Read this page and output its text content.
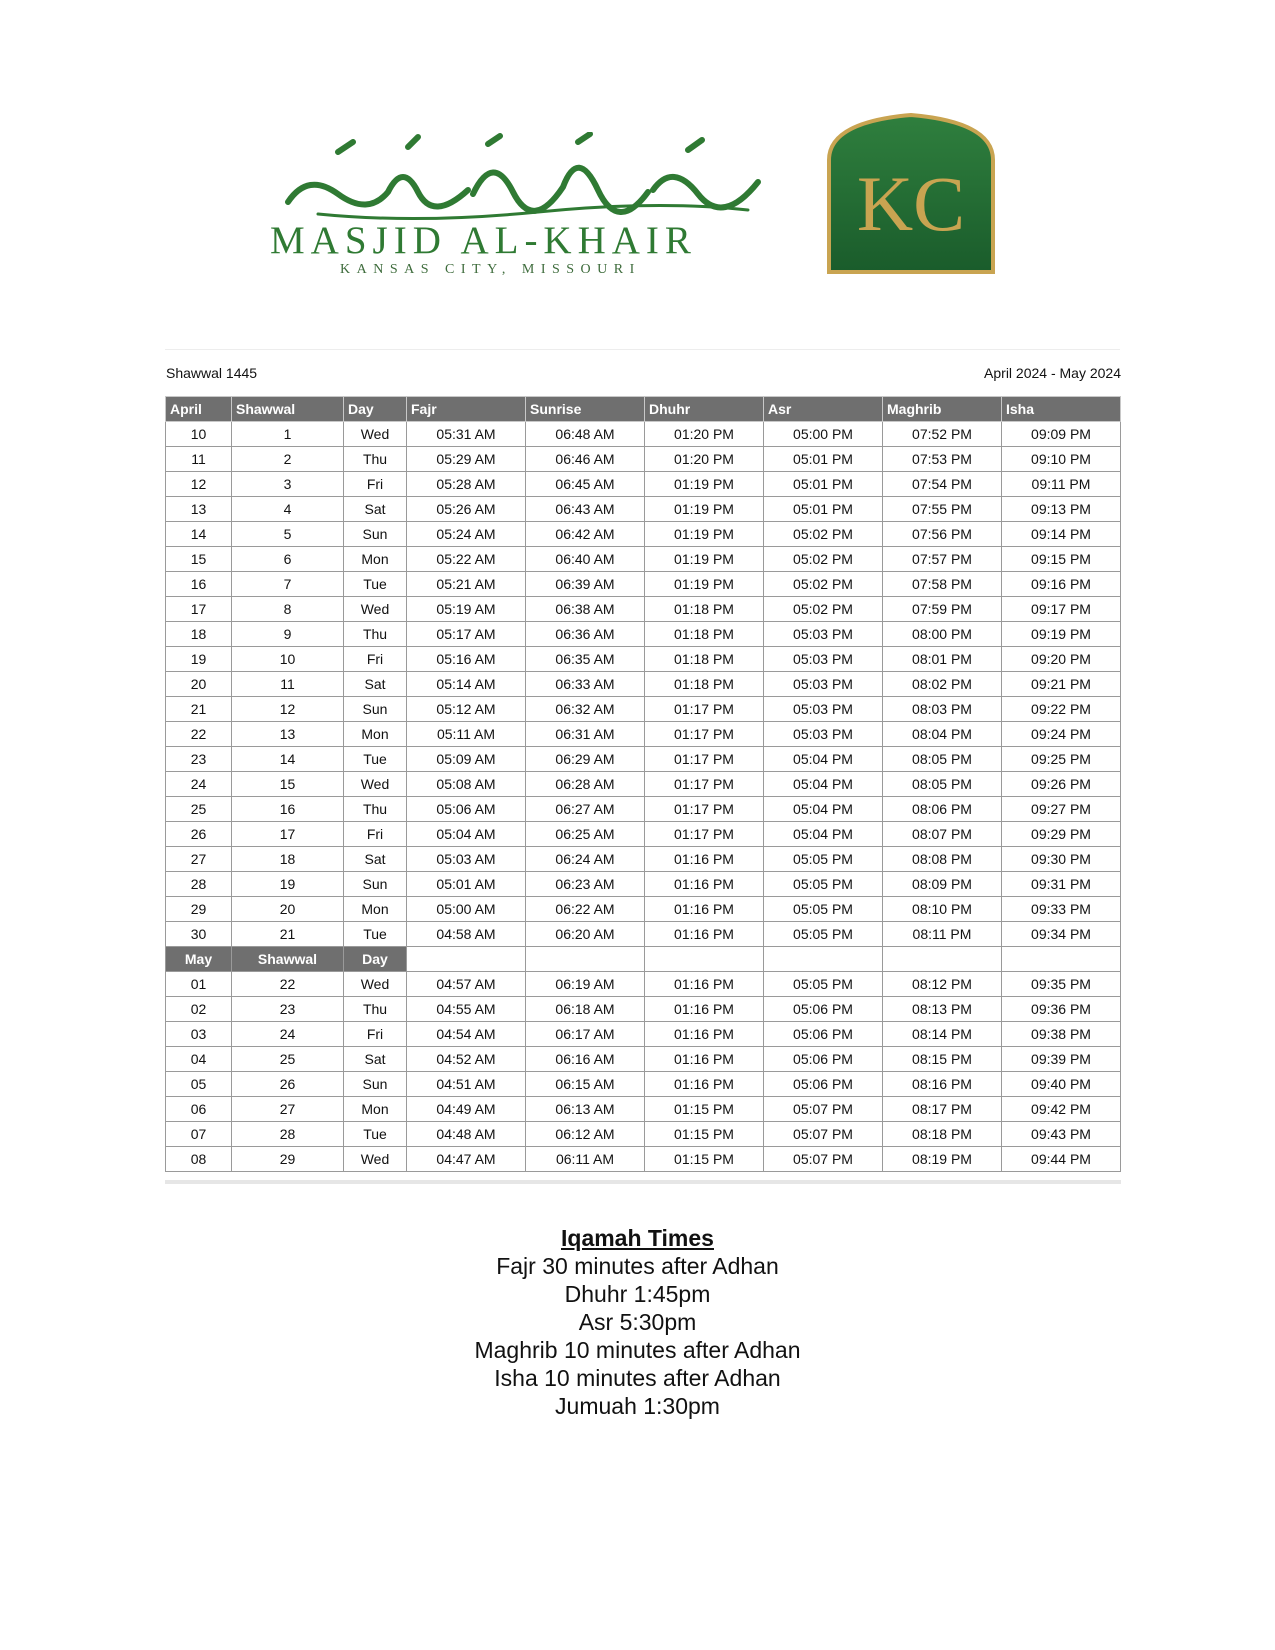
MASJID AL-KHAIR
KANSAS CITY, MISSOURI
KC
Shawwal 1445	April 2024 - May 2024
April	Shawwal	Day	Fajr	Sunrise	Dhuhr	Asr	Maghrib	Isha
10	1	Wed	05:31 AM	06:48 AM	01:20 PM	05:00 PM	07:52 PM	09:09 PM
11	2	Thu	05:29 AM	06:46 AM	01:20 PM	05:01 PM	07:53 PM	09:10 PM
12	3	Fri	05:28 AM	06:45 AM	01:19 PM	05:01 PM	07:54 PM	09:11 PM
13	4	Sat	05:26 AM	06:43 AM	01:19 PM	05:01 PM	07:55 PM	09:13 PM
14	5	Sun	05:24 AM	06:42 AM	01:19 PM	05:02 PM	07:56 PM	09:14 PM
15	6	Mon	05:22 AM	06:40 AM	01:19 PM	05:02 PM	07:57 PM	09:15 PM
16	7	Tue	05:21 AM	06:39 AM	01:19 PM	05:02 PM	07:58 PM	09:16 PM
17	8	Wed	05:19 AM	06:38 AM	01:18 PM	05:02 PM	07:59 PM	09:17 PM
18	9	Thu	05:17 AM	06:36 AM	01:18 PM	05:03 PM	08:00 PM	09:19 PM
19	10	Fri	05:16 AM	06:35 AM	01:18 PM	05:03 PM	08:01 PM	09:20 PM
20	11	Sat	05:14 AM	06:33 AM	01:18 PM	05:03 PM	08:02 PM	09:21 PM
21	12	Sun	05:12 AM	06:32 AM	01:17 PM	05:03 PM	08:03 PM	09:22 PM
22	13	Mon	05:11 AM	06:31 AM	01:17 PM	05:03 PM	08:04 PM	09:24 PM
23	14	Tue	05:09 AM	06:29 AM	01:17 PM	05:04 PM	08:05 PM	09:25 PM
24	15	Wed	05:08 AM	06:28 AM	01:17 PM	05:04 PM	08:05 PM	09:26 PM
25	16	Thu	05:06 AM	06:27 AM	01:17 PM	05:04 PM	08:06 PM	09:27 PM
26	17	Fri	05:04 AM	06:25 AM	01:17 PM	05:04 PM	08:07 PM	09:29 PM
27	18	Sat	05:03 AM	06:24 AM	01:16 PM	05:05 PM	08:08 PM	09:30 PM
28	19	Sun	05:01 AM	06:23 AM	01:16 PM	05:05 PM	08:09 PM	09:31 PM
29	20	Mon	05:00 AM	06:22 AM	01:16 PM	05:05 PM	08:10 PM	09:33 PM
30	21	Tue	04:58 AM	06:20 AM	01:16 PM	05:05 PM	08:11 PM	09:34 PM
May	Shawwal	Day						
01	22	Wed	04:57 AM	06:19 AM	01:16 PM	05:05 PM	08:12 PM	09:35 PM
02	23	Thu	04:55 AM	06:18 AM	01:16 PM	05:06 PM	08:13 PM	09:36 PM
03	24	Fri	04:54 AM	06:17 AM	01:16 PM	05:06 PM	08:14 PM	09:38 PM
04	25	Sat	04:52 AM	06:16 AM	01:16 PM	05:06 PM	08:15 PM	09:39 PM
05	26	Sun	04:51 AM	06:15 AM	01:16 PM	05:06 PM	08:16 PM	09:40 PM
06	27	Mon	04:49 AM	06:13 AM	01:15 PM	05:07 PM	08:17 PM	09:42 PM
07	28	Tue	04:48 AM	06:12 AM	01:15 PM	05:07 PM	08:18 PM	09:43 PM
08	29	Wed	04:47 AM	06:11 AM	01:15 PM	05:07 PM	08:19 PM	09:44 PM
Iqamah Times
Fajr 30 minutes after Adhan
Dhuhr 1:45pm
Asr 5:30pm
Maghrib 10 minutes after Adhan
Isha 10 minutes after Adhan
Jumuah 1:30pm
